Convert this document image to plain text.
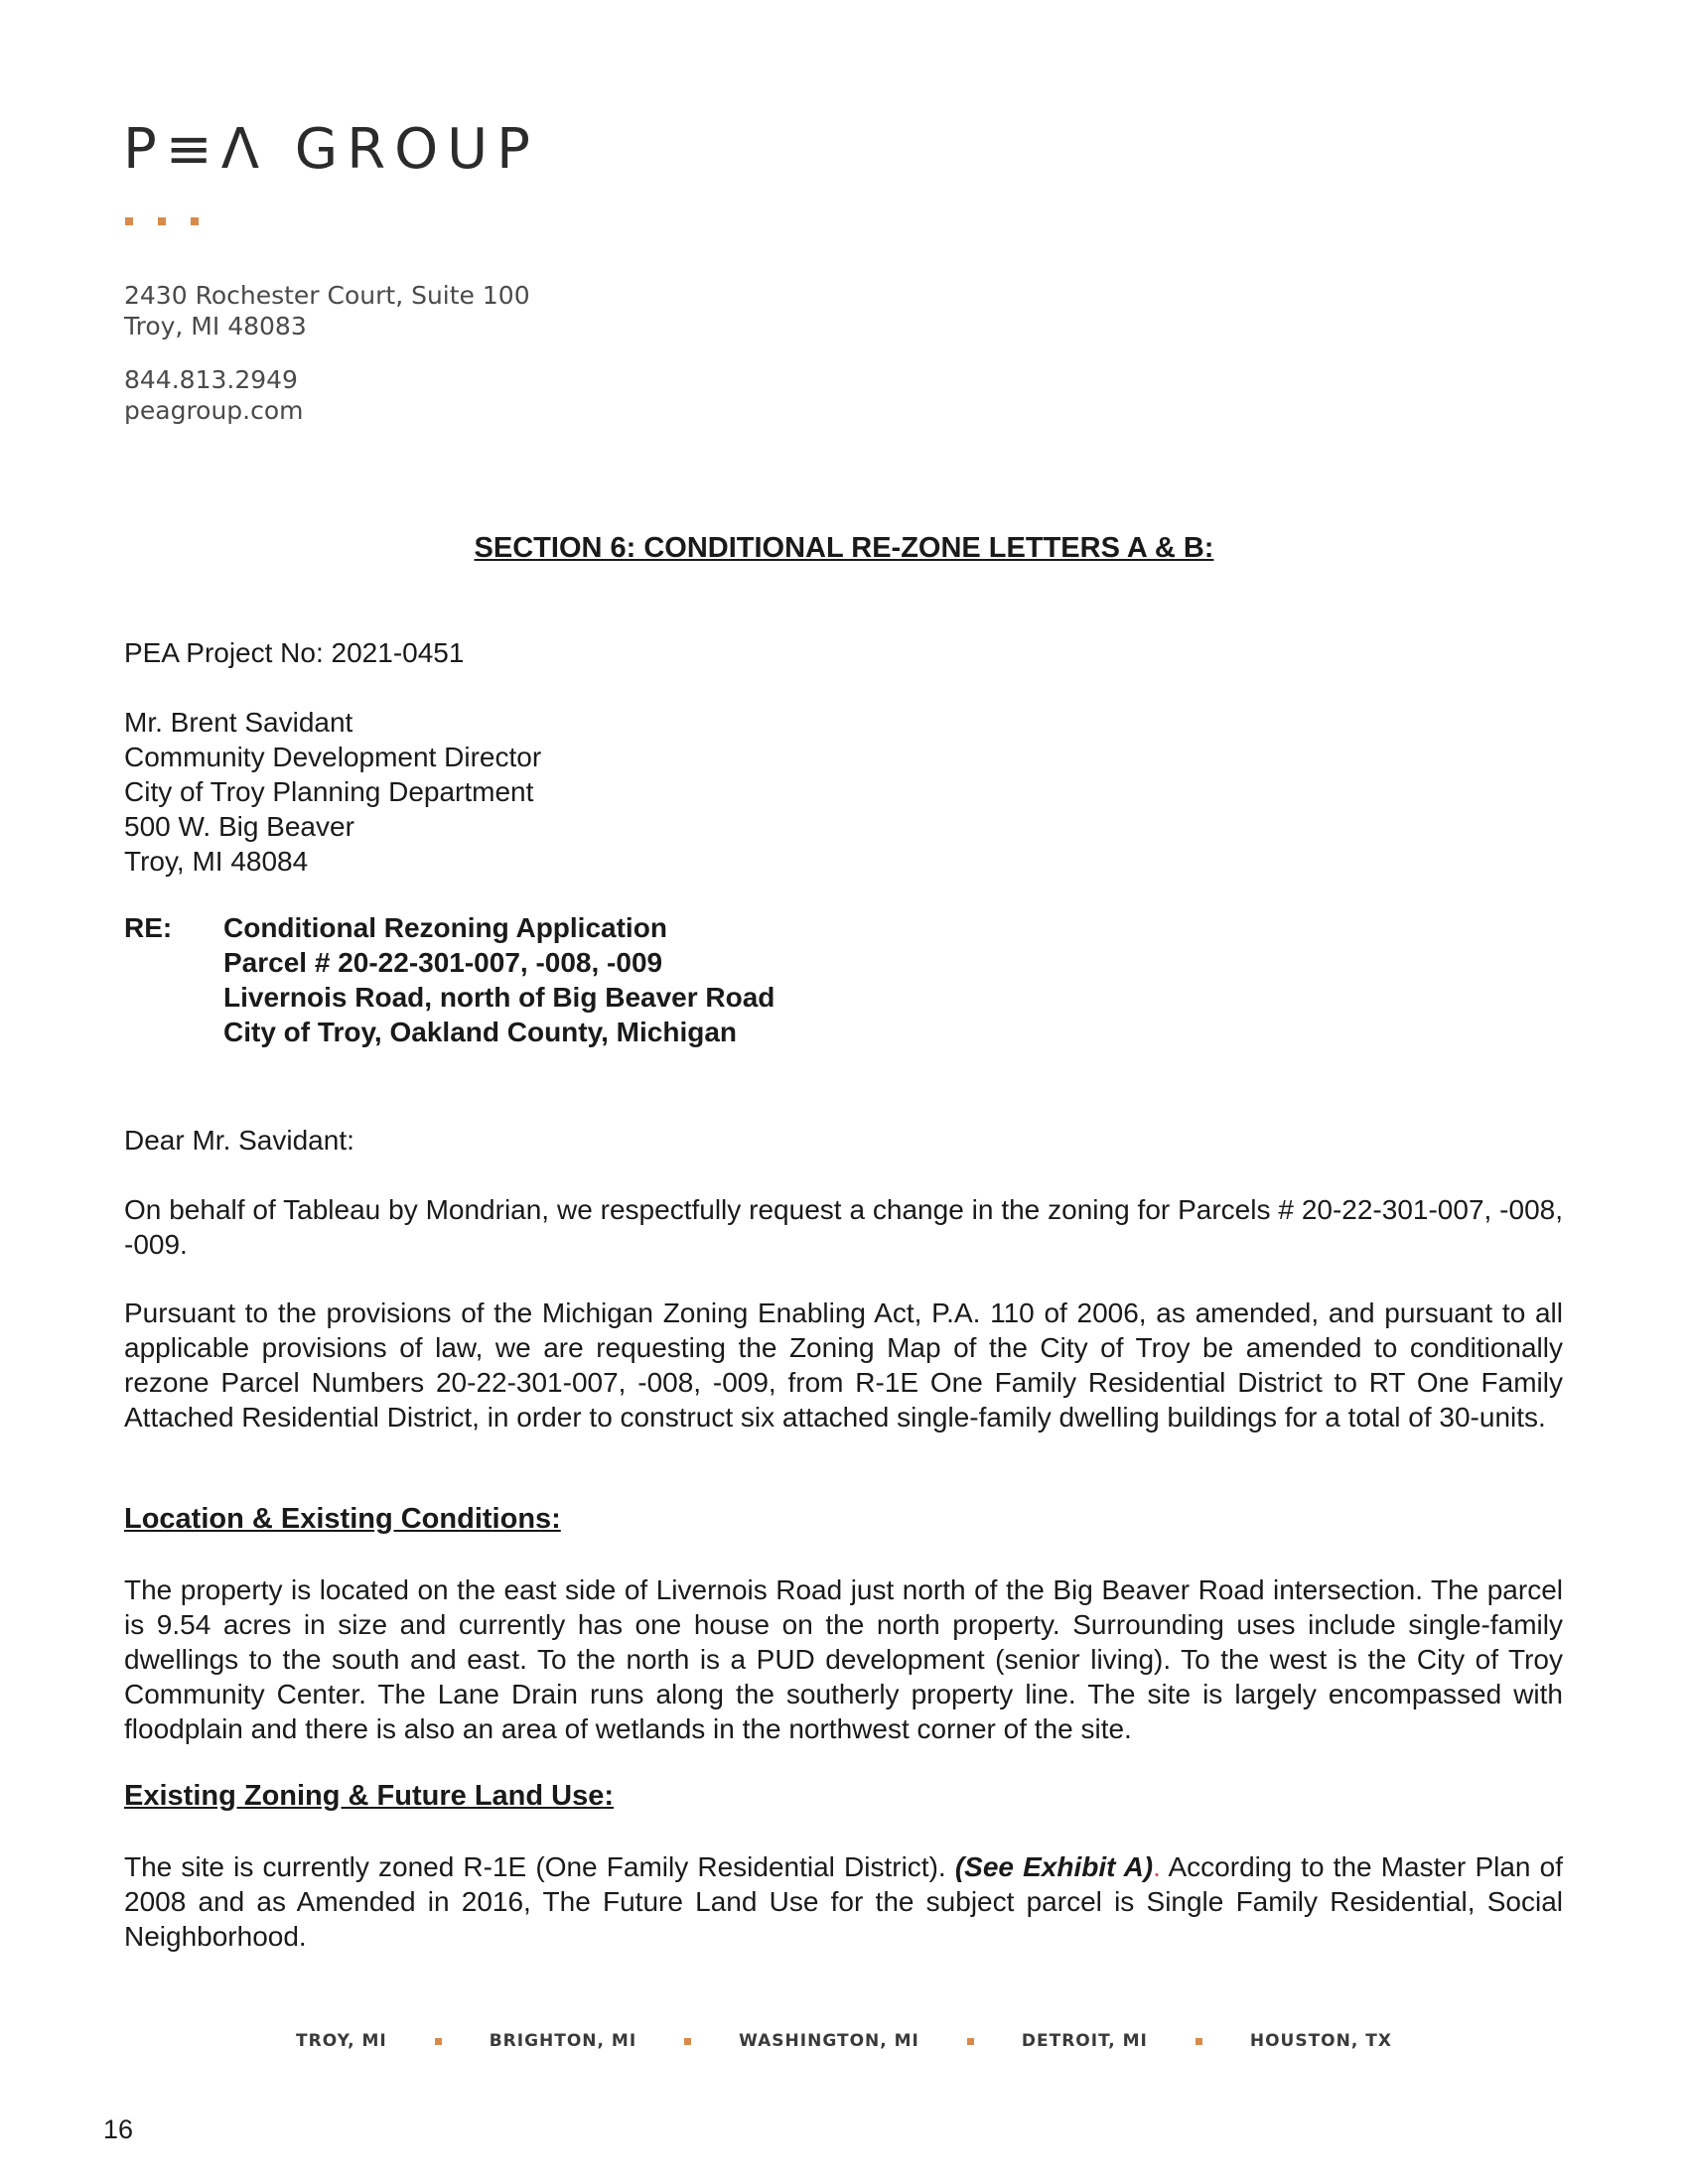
P≡Λ GROUP
2430 Rochester Court, Suite 100
Troy, MI 48083
844.813.2949
peagroup.com
SECTION 6: CONDITIONAL RE-ZONE LETTERS A & B:
PEA Project No: 2021-0451
Mr. Brent Savidant
Community Development Director
City of Troy Planning Department
500 W. Big Beaver
Troy, MI 48084
RE: Conditional Rezoning Application
Parcel # 20-22-301-007, -008, -009
Livernois Road, north of Big Beaver Road
City of Troy, Oakland County, Michigan
Dear Mr. Savidant:
On behalf of Tableau by Mondrian, we respectfully request a change in the zoning for Parcels # 20-22-301-007, -008, -009.
Pursuant to the provisions of the Michigan Zoning Enabling Act, P.A. 110 of 2006, as amended, and pursuant to all applicable provisions of law, we are requesting the Zoning Map of the City of Troy be amended to conditionally rezone Parcel Numbers 20-22-301-007, -008, -009, from R-1E One Family Residential District to RT One Family Attached Residential District, in order to construct six attached single-family dwelling buildings for a total of 30-units.
Location & Existing Conditions:
The property is located on the east side of Livernois Road just north of the Big Beaver Road intersection. The parcel is 9.54 acres in size and currently has one house on the north property. Surrounding uses include single-family dwellings to the south and east. To the north is a PUD development (senior living). To the west is the City of Troy Community Center. The Lane Drain runs along the southerly property line. The site is largely encompassed with floodplain and there is also an area of wetlands in the northwest corner of the site.
Existing Zoning & Future Land Use:
The site is currently zoned R-1E (One Family Residential District). (See Exhibit A). According to the Master Plan of 2008 and as Amended in 2016, The Future Land Use for the subject parcel is Single Family Residential, Social Neighborhood.
TROY, MI	BRIGHTON, MI	WASHINGTON, MI	DETROIT, MI	HOUSTON, TX
16
